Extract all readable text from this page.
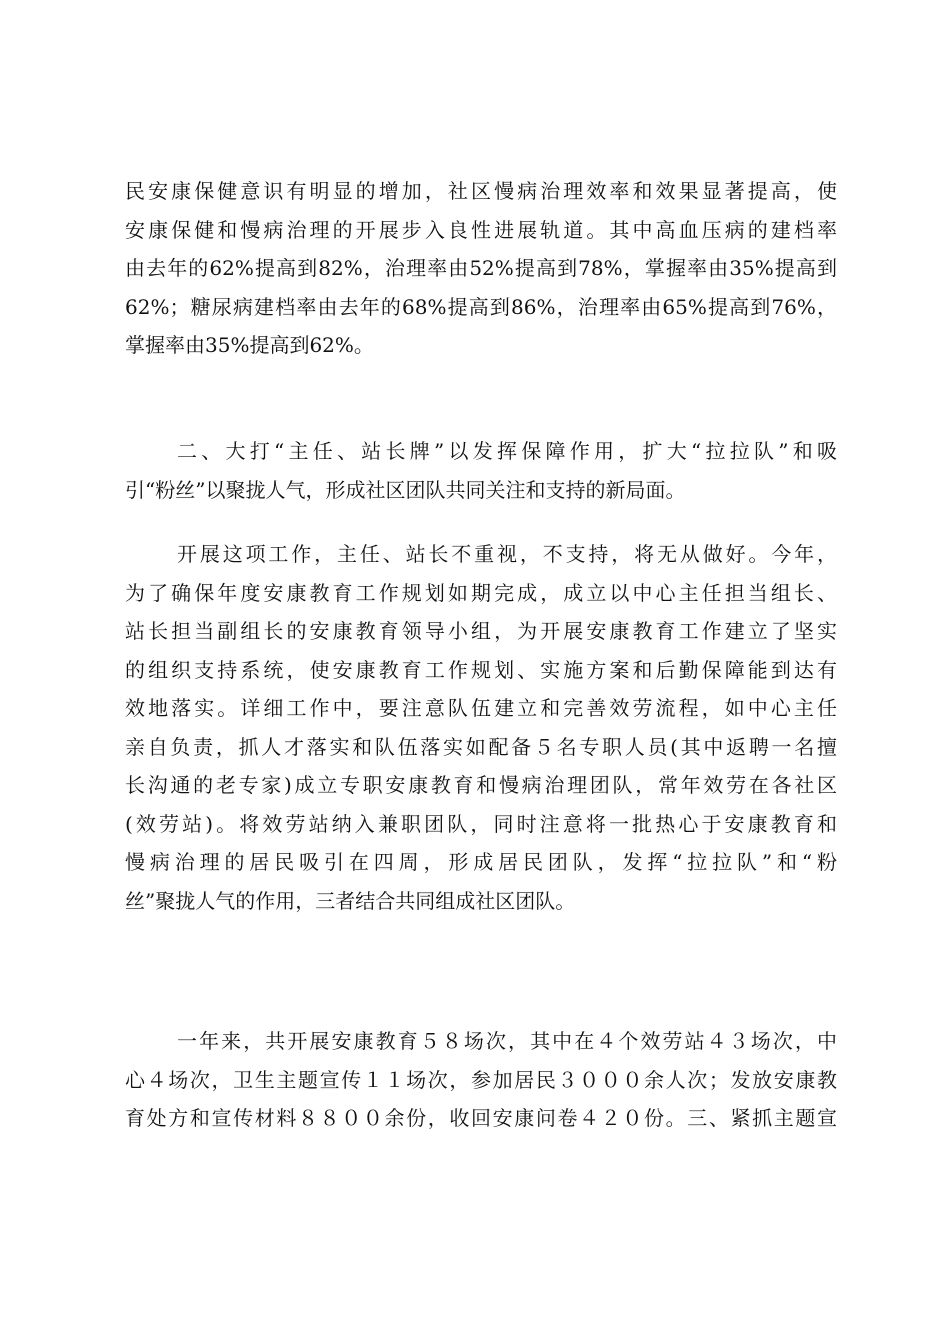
民安康保健意识有明显的增加，社区慢病治理效率和效果显著提高，使
安康保健和慢病治理的开展步入良性进展轨道。其中高血压病的建档率
由去年的62%提高到82%，治理率由52%提高到78%，掌握率由35%提高到
62%；糖尿病建档率由去年的68%提高到86%，治理率由65%提高到76%，
掌握率由35%提高到62%。
二、大打“主任、站长牌”以发挥保障作用，扩大“拉拉队”和吸
引“粉丝”以聚拢人气，形成社区团队共同关注和支持的新局面。
开展这项工作，主任、站长不重视，不支持，将无从做好。今年，
为了确保年度安康教育工作规划如期完成，成立以中心主任担当组长、
站长担当副组长的安康教育领导小组，为开展安康教育工作建立了坚实
的组织支持系统，使安康教育工作规划、实施方案和后勤保障能到达有
效地落实。详细工作中，要注意队伍建立和完善效劳流程，如中心主任
亲自负责，抓人才落实和队伍落实如配备５名专职人员(其中返聘一名擅
长沟通的老专家)成立专职安康教育和慢病治理团队，常年效劳在各社区
(效劳站)。将效劳站纳入兼职团队，同时注意将一批热心于安康教育和
慢病治理的居民吸引在四周，形成居民团队，发挥“拉拉队”和“粉
丝”聚拢人气的作用，三者结合共同组成社区团队。
一年来，共开展安康教育５８场次，其中在４个效劳站４３场次，中
心４场次，卫生主题宣传１１场次，参加居民３０００余人次；发放安康教
育处方和宣传材料８８００余份，收回安康问卷４２０份。三、紧抓主题宣
